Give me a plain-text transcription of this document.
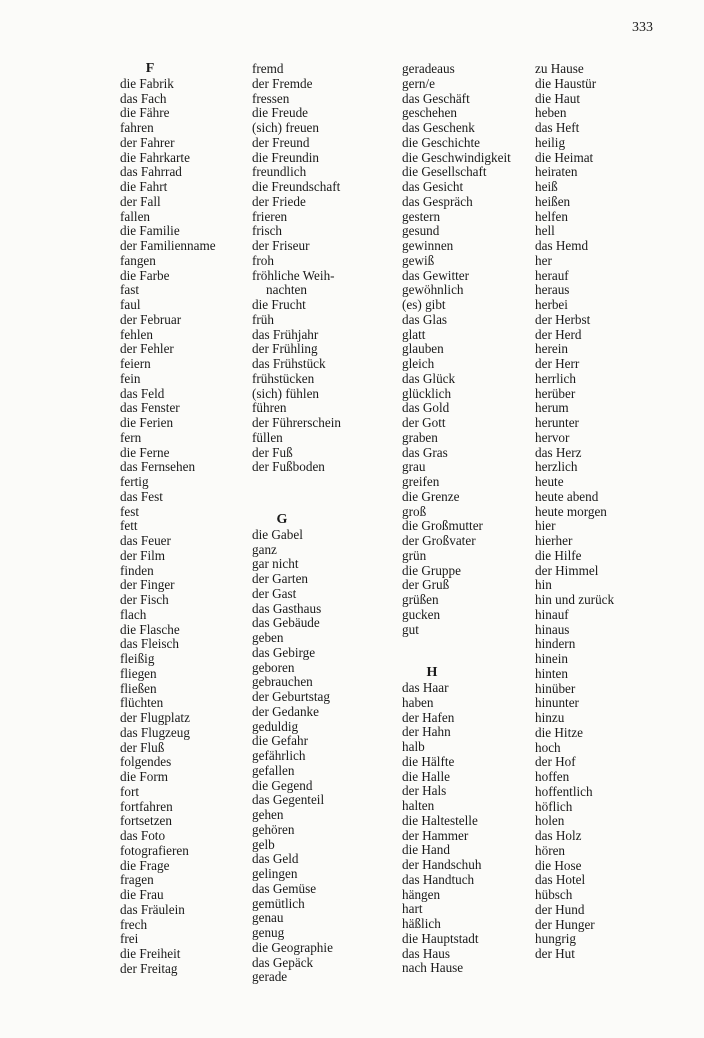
333
F
die Fabrik
das Fach
die Fähre
fahren
der Fahrer
die Fahrkarte
das Fahrrad
die Fahrt
der Fall
fallen
die Familie
der Familienname
fangen
die Farbe
fast
faul
der Februar
fehlen
der Fehler
feiern
fein
das Feld
das Fenster
die Ferien
fern
die Ferne
das Fernsehen
fertig
das Fest
fest
fett
das Feuer
der Film
finden
der Finger
der Fisch
flach
die Flasche
das Fleisch
fleißig
fliegen
fließen
flüchten
der Flugplatz
das Flugzeug
der Fluß
folgendes
die Form
fort
fortfahren
fortsetzen
das Foto
fotografieren
die Frage
fragen
die Frau
das Fräulein
frech
frei
die Freiheit
der Freitag
fremd
der Fremde
fressen
die Freude
(sich) freuen
der Freund
die Freundin
freundlich
die Freundschaft
der Friede
frieren
frisch
der Friseur
froh
fröhliche Weih-
nachten
die Frucht
früh
das Frühjahr
der Frühling
das Frühstück
frühstücken
(sich) fühlen
führen
der Führerschein
füllen
der Fuß
der Fußboden
G
die Gabel
ganz
gar nicht
der Garten
der Gast
das Gasthaus
das Gebäude
geben
das Gebirge
geboren
gebrauchen
der Geburtstag
der Gedanke
geduldig
die Gefahr
gefährlich
gefallen
die Gegend
das Gegenteil
gehen
gehören
gelb
das Geld
gelingen
das Gemüse
gemütlich
genau
genug
die Geographie
das Gepäck
gerade
geradeaus
gern/e
das Geschäft
geschehen
das Geschenk
die Geschichte
die Geschwindigkeit
die Gesellschaft
das Gesicht
das Gespräch
gestern
gesund
gewinnen
gewiß
das Gewitter
gewöhnlich
(es) gibt
das Glas
glatt
glauben
gleich
das Glück
glücklich
das Gold
der Gott
graben
das Gras
grau
greifen
die Grenze
groß
die Großmutter
der Großvater
grün
die Gruppe
der Gruß
grüßen
gucken
gut
H
das Haar
haben
der Hafen
der Hahn
halb
die Hälfte
die Halle
der Hals
halten
die Haltestelle
der Hammer
die Hand
der Handschuh
das Handtuch
hängen
hart
häßlich
die Hauptstadt
das Haus
nach Hause
zu Hause
die Haustür
die Haut
heben
das Heft
heilig
die Heimat
heiraten
heiß
heißen
helfen
hell
das Hemd
her
herauf
heraus
herbei
der Herbst
der Herd
herein
der Herr
herrlich
herüber
herum
herunter
hervor
das Herz
herzlich
heute
heute abend
heute morgen
hier
hierher
die Hilfe
der Himmel
hin
hin und zurück
hinauf
hinaus
hindern
hinein
hinten
hinüber
hinunter
hinzu
die Hitze
hoch
der Hof
hoffen
hoffentlich
höflich
holen
das Holz
hören
die Hose
das Hotel
hübsch
der Hund
der Hunger
hungrig
der Hut
